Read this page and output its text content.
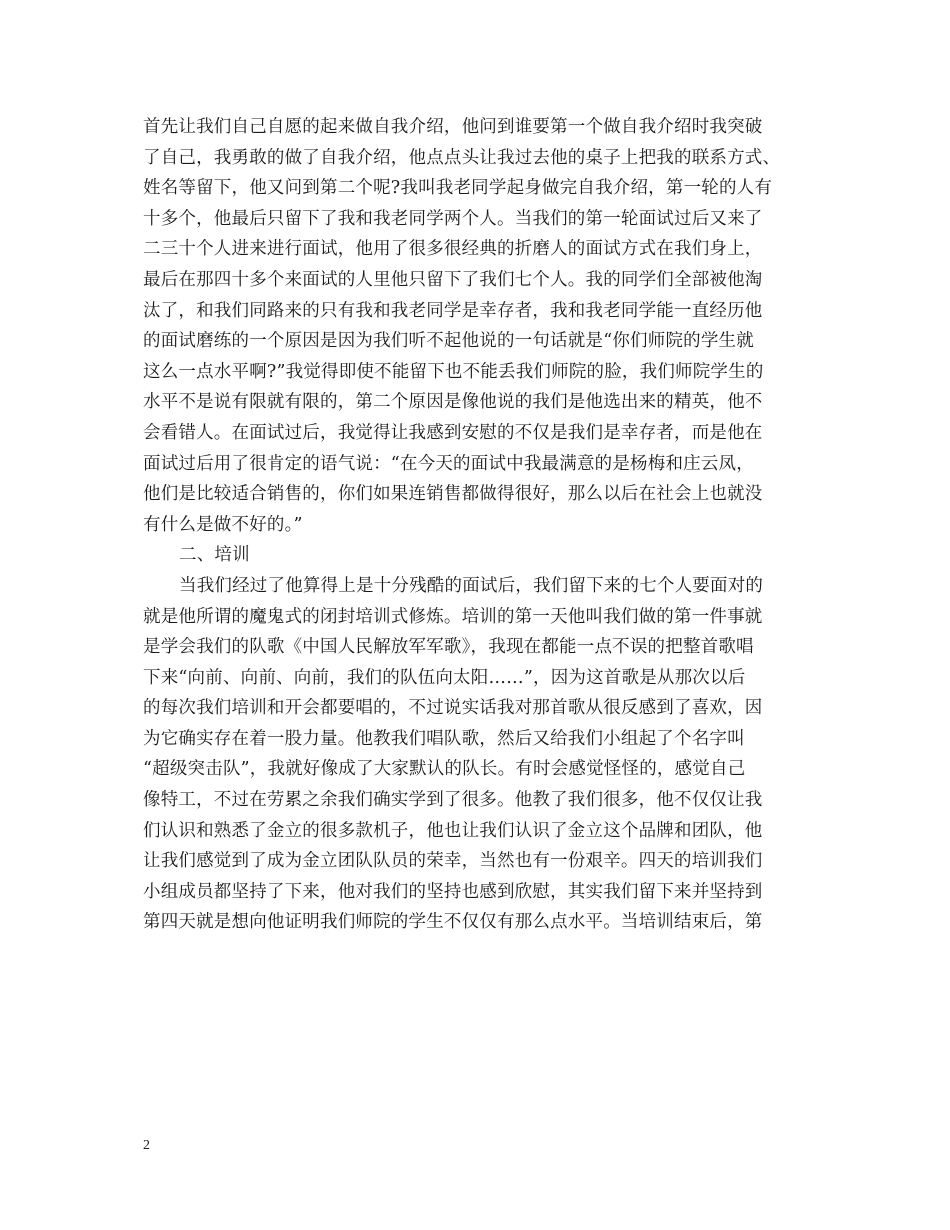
首先让我们自己自愿的起来做自我介绍，他问到谁要第一个做自我介绍时我突破
了自己，我勇敢的做了自我介绍，他点点头让我过去他的桌子上把我的联系方式、
姓名等留下，他又问到第二个呢?我叫我老同学起身做完自我介绍，第一轮的人有
十多个，他最后只留下了我和我老同学两个人。当我们的第一轮面试过后又来了
二三十个人进来进行面试，他用了很多很经典的折磨人的面试方式在我们身上，
最后在那四十多个来面试的人里他只留下了我们七个人。我的同学们全部被他淘
汰了，和我们同路来的只有我和我老同学是幸存者，我和我老同学能一直经历他
的面试磨练的一个原因是因为我们听不起他说的一句话就是“你们师院的学生就
这么一点水平啊?”我觉得即使不能留下也不能丢我们师院的脸，我们师院学生的
水平不是说有限就有限的，第二个原因是像他说的我们是他选出来的精英，他不
会看错人。在面试过后，我觉得让我感到安慰的不仅是我们是幸存者，而是他在
面试过后用了很肯定的语气说：“在今天的面试中我最满意的是杨梅和庄云凤，
他们是比较适合销售的，你们如果连销售都做得很好，那么以后在社会上也就没
有什么是做不好的。”
二、培训
当我们经过了他算得上是十分残酷的面试后，我们留下来的七个人要面对的
就是他所谓的魔鬼式的闭封培训式修炼。培训的第一天他叫我们做的第一件事就
是学会我们的队歌《中国人民解放军军歌》，我现在都能一点不误的把整首歌唱
下来“向前、向前、向前，我们的队伍向太阳……”，因为这首歌是从那次以后
的每次我们培训和开会都要唱的，不过说实话我对那首歌从很反感到了喜欢，因
为它确实存在着一股力量。他教我们唱队歌，然后又给我们小组起了个名字叫
“超级突击队”，我就好像成了大家默认的队长。有时会感觉怪怪的，感觉自己
像特工，不过在劳累之余我们确实学到了很多。他教了我们很多，他不仅仅让我
们认识和熟悉了金立的很多款机子，他也让我们认识了金立这个品牌和团队，他
让我们感觉到了成为金立团队队员的荣幸，当然也有一份艰辛。四天的培训我们
小组成员都坚持了下来，他对我们的坚持也感到欣慰，其实我们留下来并坚持到
第四天就是想向他证明我们师院的学生不仅仅有那么点水平。当培训结束后，第
2
